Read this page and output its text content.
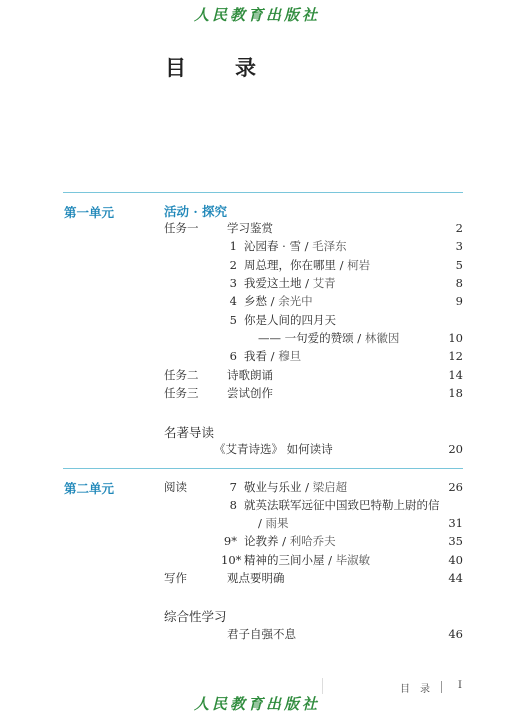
人民教育出版社
目　录
第一单元	活动 · 探究
任务一 学习鉴赏	2
1 沁园春 · 雪 / 毛泽东	3
2 周总理，你在哪里 / 柯岩	5
3 我爱这土地 / 艾青	8
4 乡愁 / 余光中	9
5 你是人间的四月天
—— 一句爱的赞颂 / 林徽因	10
6 我看 / 穆旦	12
任务二 诗歌朗诵	14
任务三 尝试创作	18
名著导读
《艾青诗选》 如何读诗	20
第二单元	阅读	7 敬业与乐业 / 梁启超	26
8 就英法联军远征中国致巴特勒上尉的信
/ 雨果	31
9* 论教养 / 利哈乔夫	35
10* 精神的三间小屋 / 毕淑敏	40
写作	观点要明确	44
综合性学习
君子自强不息	46
目　录	I
人民教育出版社
